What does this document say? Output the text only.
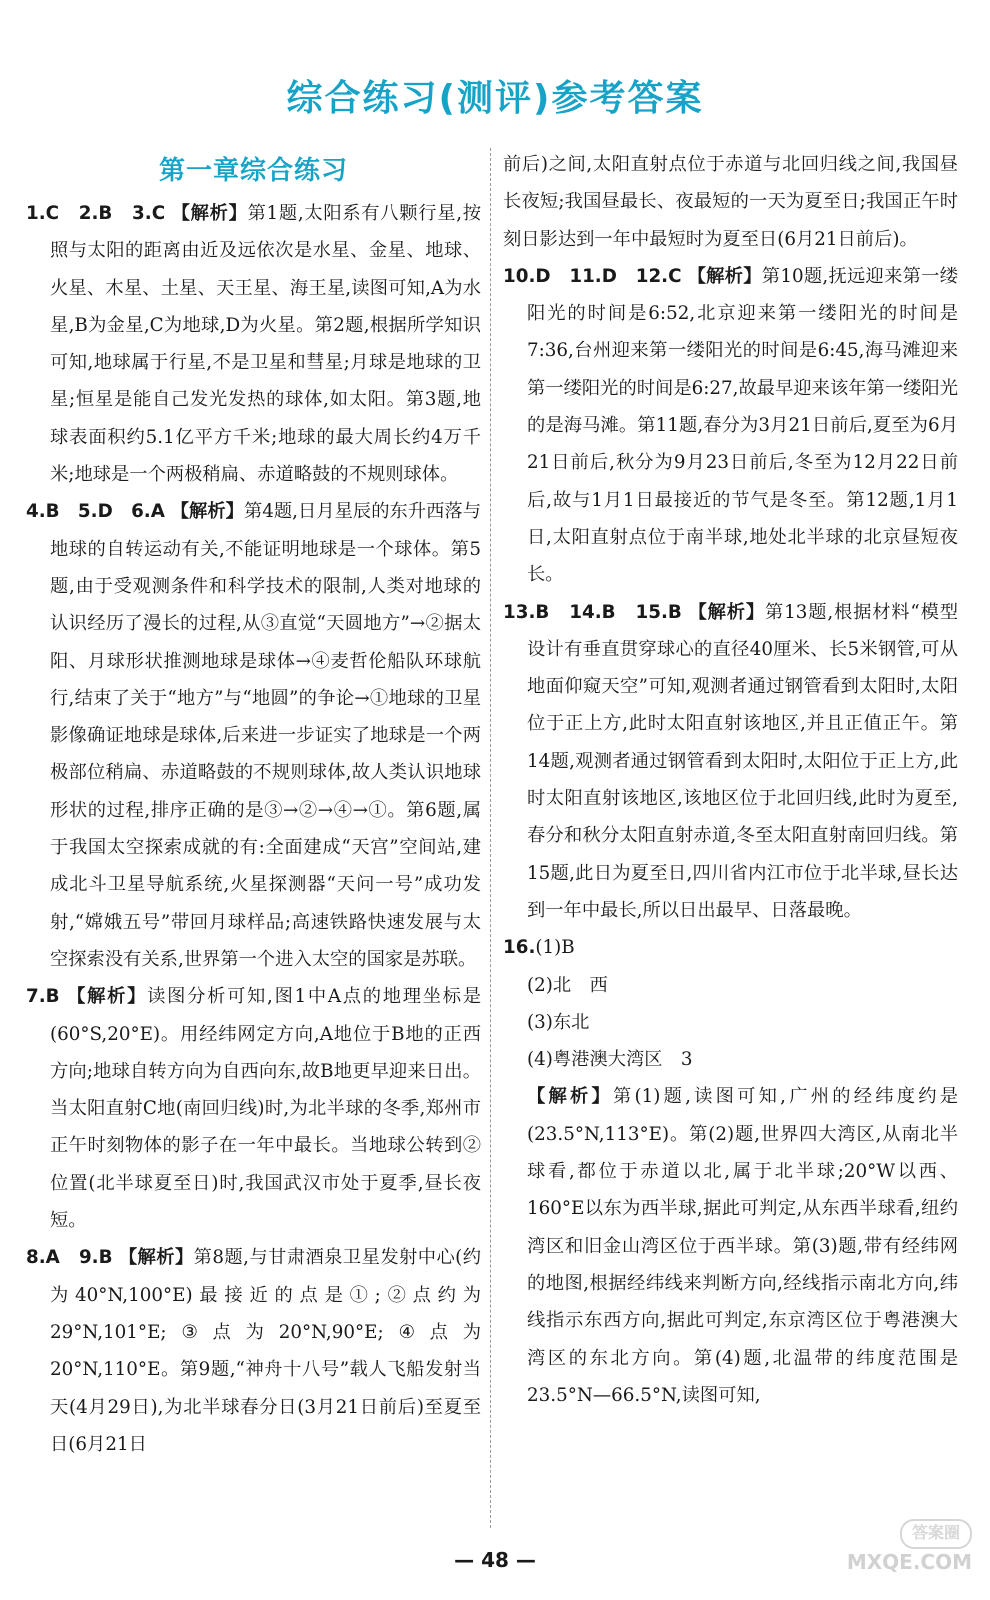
综合练习(测评)参考答案
第一章综合练习

1.C　2.B　3.C 【解析】第1题,太阳系有八颗行星,按照与太阳的距离由近及远依次是水星、金星、地球、火星、木星、土星、天王星、海王星,读图可知,A为水星,B为金星,C为地球,D为火星。第2题,根据所学知识可知,地球属于行星,不是卫星和彗星;月球是地球的卫星;恒星是能自己发光发热的球体,如太阳。第3题,地球表面积约5.1亿平方千米;地球的最大周长约4万千米;地球是一个两极稍扁、赤道略鼓的不规则球体。

4.B　5.D　6.A 【解析】第4题,日月星辰的东升西落与地球的自转运动有关,不能证明地球是一个球体。第5题,由于受观测条件和科学技术的限制,人类对地球的认识经历了漫长的过程,从③直觉“天圆地方”→②据太阳、月球形状推测地球是球体→④麦哲伦船队环球航行,结束了关于“地方”与“地圆”的争论→①地球的卫星影像确证地球是球体,后来进一步证实了地球是一个两极部位稍扁、赤道略鼓的不规则球体,故人类认识地球形状的过程,排序正确的是③→②→④→①。第6题,属于我国太空探索成就的有:全面建成“天宫”空间站,建成北斗卫星导航系统,火星探测器“天问一号”成功发射,“嫦娥五号”带回月球样品;高速铁路快速发展与太空探索没有关系,世界第一个进入太空的国家是苏联。

7.B 【解析】读图分析可知,图1中A点的地理坐标是(60°S,20°E)。用经纬网定方向,A地位于B地的正西方向;地球自转方向为自西向东,故B地更早迎来日出。当太阳直射C地(南回归线)时,为北半球的冬季,郑州市正午时刻物体的影子在一年中最长。当地球公转到②位置(北半球夏至日)时,我国武汉市处于夏季,昼长夜短。

8.A　9.B 【解析】第8题,与甘肃酒泉卫星发射中心(约为40°N,100°E)最接近的点是①;②点约为29°N,101°E;③点为20°N,90°E;④点为20°N,110°E。第9题,“神舟十八号”载人飞船发射当天(4月29日),为北半球春分日(3月21日前后)至夏至日(6月21日

前后)之间,太阳直射点位于赤道与北回归线之间,我国昼长夜短;我国昼最长、夜最短的一天为夏至日;我国正午时刻日影达到一年中最短时为夏至日(6月21日前后)。

10.D　11.D　12.C 【解析】第10题,抚远迎来第一缕阳光的时间是6:52,北京迎来第一缕阳光的时间是7:36,台州迎来第一缕阳光的时间是6:45,海马滩迎来第一缕阳光的时间是6:27,故最早迎来该年第一缕阳光的是海马滩。第11题,春分为3月21日前后,夏至为6月21日前后,秋分为9月23日前后,冬至为12月22日前后,故与1月1日最接近的节气是冬至。第12题,1月1日,太阳直射点位于南半球,地处北半球的北京昼短夜长。

13.B　14.B　15.B 【解析】第13题,根据材料“模型设计有垂直贯穿球心的直径40厘米、长5米钢管,可从地面仰窥天空”可知,观测者通过钢管看到太阳时,太阳位于正上方,此时太阳直射该地区,并且正值正午。第14题,观测者通过钢管看到太阳时,太阳位于正上方,此时太阳直射该地区,该地区位于北回归线,此时为夏至,春分和秋分太阳直射赤道,冬至太阳直射南回归线。第15题,此日为夏至日,四川省内江市位于北半球,昼长达到一年中最长,所以日出最早、日落最晚。

16.(1)B

(2)北　西

(3)东北

(4)粤港澳大湾区　3

【解析】第(1)题,读图可知,广州的经纬度约是(23.5°N,113°E)。第(2)题,世界四大湾区,从南北半球看,都位于赤道以北,属于北半球;20°W以西、160°E以东为西半球,据此可判定,从东西半球看,纽约湾区和旧金山湾区位于西半球。第(3)题,带有经纬网的地图,根据经纬线来判断方向,经线指示南北方向,纬线指示东西方向,据此可判定,东京湾区位于粤港澳大湾区的东北方向。第(4)题,北温带的纬度范围是23.5°N—66.5°N,读图可知,

— 48 —
答案圈
MXQE.COM
